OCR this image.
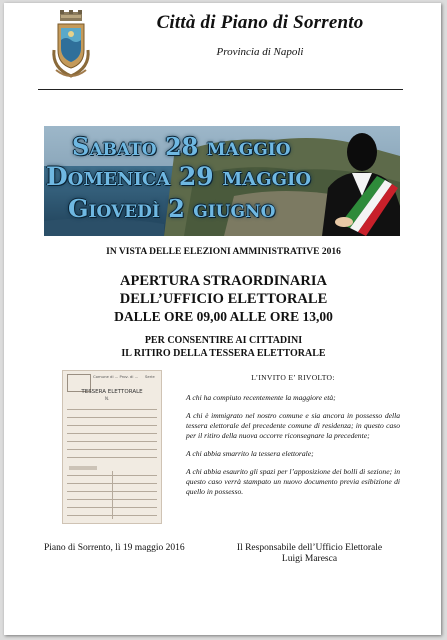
Città di Piano di Sorrento
Provincia di Napoli
Sabato 28 maggio
Domenica 29 maggio
Giovedì 2 giugno
IN VISTA DELLE ELEZIONI AMMINISTRATIVE 2016
APERTURA STRAORDINARIA
DELL’UFFICIO ELETTORALE
DALLE ORE 09,00 ALLE ORE 13,00
PER CONSENTIRE AI CITTADINI
IL RITIRO DELLA TESSERA ELETTORALE
Comune di ... Prov. di ... Serie
TESSERA ELETTORALE
N.
L’INVITO E’ RIVOLTO:

A chi ha compiuto recentemente la maggiore età;

A chi è immigrato nel nostro comune e sia ancora in possesso della tessera elettorale del precedente comune di residenza; in questo caso per il ritiro della nuova occorre riconsegnare la precedente;

A chi abbia smarrito la tessera elettorale;

A chi abbia esaurito gli spazi per l’apposizione dei bolli di sezione; in questo caso verrà stampato un nuovo documento previa esibizione di quello in possesso.

Piano di Sorrento, lì 19 maggio 2016	Il Responsabile dell’Ufficio Elettorale
Luigi Maresca
